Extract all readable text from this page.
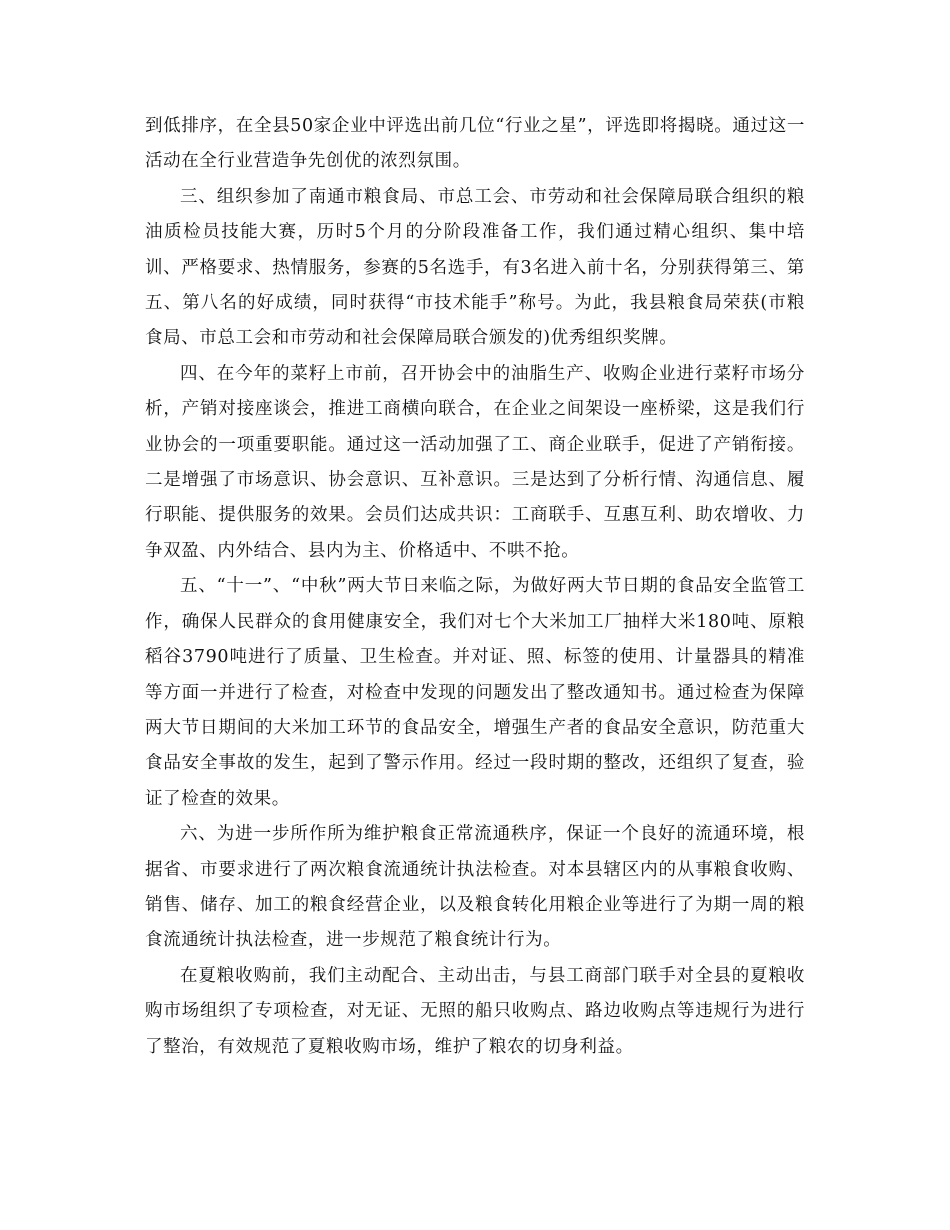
到低排序，在全县50家企业中评选出前几位“行业之星”，评选即将揭晓。通过这一活动在全行业营造争先创优的浓烈氛围。

三、组织参加了南通市粮食局、市总工会、市劳动和社会保障局联合组织的粮油质检员技能大赛，历时5个月的分阶段准备工作，我们通过精心组织、集中培训、严格要求、热情服务，参赛的5名选手，有3名进入前十名，分别获得第三、第五、第八名的好成绩，同时获得“市技术能手”称号。为此，我县粮食局荣获(市粮食局、市总工会和市劳动和社会保障局联合颁发的)优秀组织奖牌。

四、在今年的菜籽上市前，召开协会中的油脂生产、收购企业进行菜籽市场分析，产销对接座谈会，推进工商横向联合，在企业之间架设一座桥梁，这是我们行业协会的一项重要职能。通过这一活动加强了工、商企业联手，促进了产销衔接。二是增强了市场意识、协会意识、互补意识。三是达到了分析行情、沟通信息、履行职能、提供服务的效果。会员们达成共识：工商联手、互惠互利、助农增收、力争双盈、内外结合、县内为主、价格适中、不哄不抢。

五、“十一”、“中秋”两大节日来临之际，为做好两大节日期的食品安全监管工作，确保人民群众的食用健康安全，我们对七个大米加工厂抽样大米180吨、原粮稻谷3790吨进行了质量、卫生检查。并对证、照、标签的使用、计量器具的精准等方面一并进行了检查，对检查中发现的问题发出了整改通知书。通过检查为保障两大节日期间的大米加工环节的食品安全，增强生产者的食品安全意识，防范重大食品安全事故的发生，起到了警示作用。经过一段时期的整改，还组织了复查，验证了检查的效果。

六、为进一步所作所为维护粮食正常流通秩序，保证一个良好的流通环境，根据省、市要求进行了两次粮食流通统计执法检查。对本县辖区内的从事粮食收购、销售、储存、加工的粮食经营企业，以及粮食转化用粮企业等进行了为期一周的粮食流通统计执法检查，进一步规范了粮食统计行为。

在夏粮收购前，我们主动配合、主动出击，与县工商部门联手对全县的夏粮收购市场组织了专项检查，对无证、无照的船只收购点、路边收购点等违规行为进行了整治，有效规范了夏粮收购市场，维护了粮农的切身利益。
